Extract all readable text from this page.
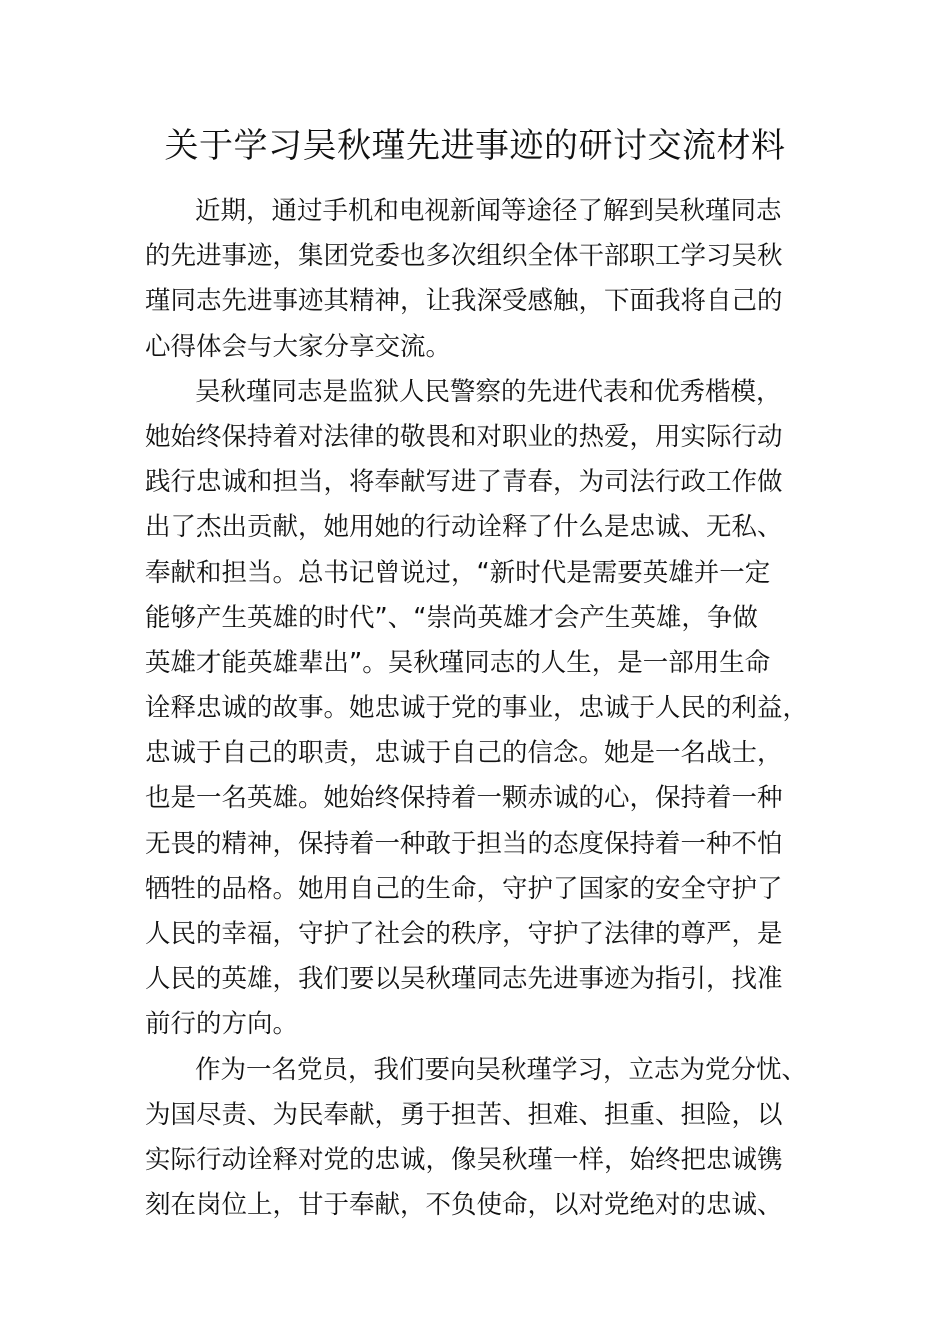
关于学习吴秋瑾先进事迹的研讨交流材料
近期，通过手机和电视新闻等途径了解到吴秋瑾同志
的先进事迹，集团党委也多次组织全体干部职工学习吴秋
瑾同志先进事迹其精神，让我深受感触，下面我将自己的
心得体会与大家分享交流。
吴秋瑾同志是监狱人民警察的先进代表和优秀楷模，
她始终保持着对法律的敬畏和对职业的热爱，用实际行动
践行忠诚和担当，将奉献写进了青春，为司法行政工作做
出了杰出贡献，她用她的行动诠释了什么是忠诚、无私、
奉献和担当。总书记曾说过，“新时代是需要英雄并一定
能够产生英雄的时代”、“崇尚英雄才会产生英雄，争做
英雄才能英雄辈出”。吴秋瑾同志的人生，是一部用生命
诠释忠诚的故事。她忠诚于党的事业，忠诚于人民的利益，
忠诚于自己的职责，忠诚于自己的信念。她是一名战士，
也是一名英雄。她始终保持着一颗赤诚的心，保持着一种
无畏的精神，保持着一种敢于担当的态度保持着一种不怕
牺牲的品格。她用自己的生命，守护了国家的安全守护了
人民的幸福，守护了社会的秩序，守护了法律的尊严，是
人民的英雄，我们要以吴秋瑾同志先进事迹为指引，找准
前行的方向。
作为一名党员，我们要向吴秋瑾学习，立志为党分忧、
为国尽责、为民奉献，勇于担苦、担难、担重、担险，以
实际行动诠释对党的忠诚，像吴秋瑾一样，始终把忠诚镌
刻在岗位上，甘于奉献，不负使命，以对党绝对的忠诚、
